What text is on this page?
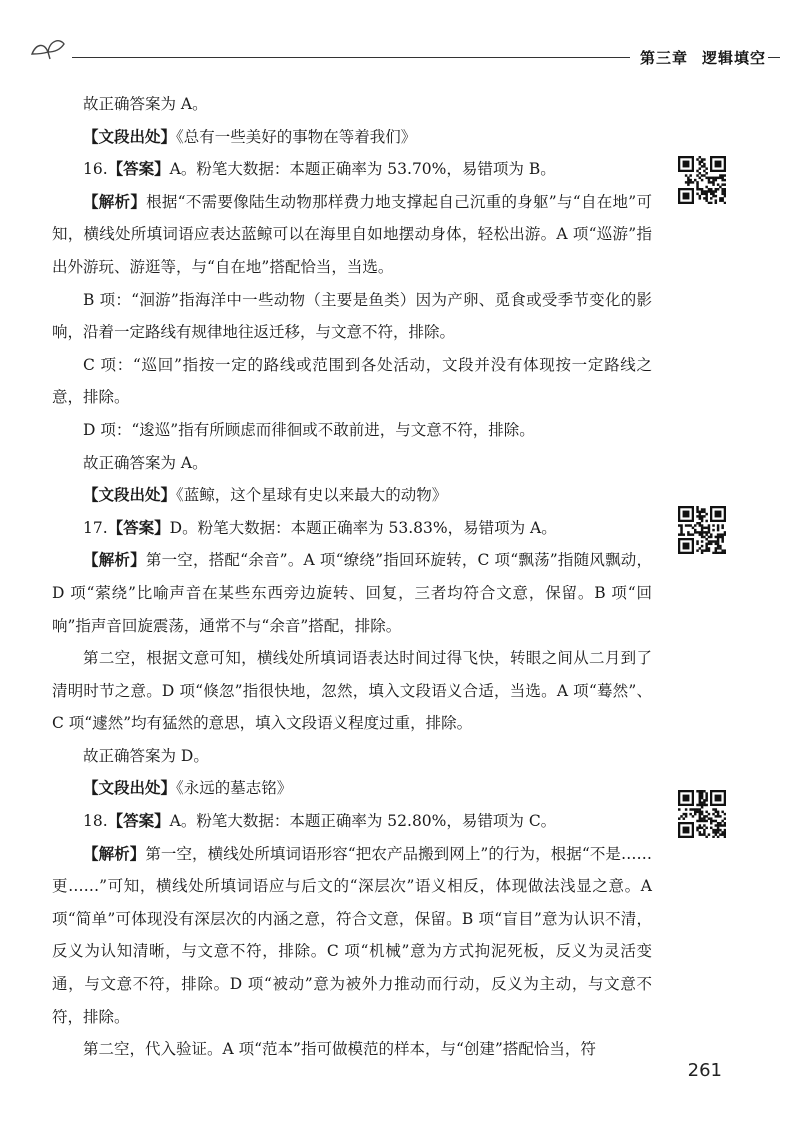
第三章 逻辑填空

故正确答案为 A。

【文段出处】《总有一些美好的事物在等着我们》

16.【答案】A。粉笔大数据：本题正确率为 53.70%，易错项为 B。

【解析】根据“不需要像陆生动物那样费力地支撑起自己沉重的身躯”与“自在地”可知，横线处所填词语应表达蓝鲸可以在海里自如地摆动身体，轻松出游。A 项“巡游”指出外游玩、游逛等，与“自在地”搭配恰当，当选。

B 项：“洄游”指海洋中一些动物（主要是鱼类）因为产卵、觅食或受季节变化的影响，沿着一定路线有规律地往返迁移，与文意不符，排除。

C 项：“巡回”指按一定的路线或范围到各处活动，文段并没有体现按一定路线之意，排除。

D 项：“逡巡”指有所顾虑而徘徊或不敢前进，与文意不符，排除。

故正确答案为 A。

【文段出处】《蓝鲸，这个星球有史以来最大的动物》

17.【答案】D。粉笔大数据：本题正确率为 53.83%，易错项为 A。

【解析】第一空，搭配“余音”。A 项“缭绕”指回环旋转，C 项“飘荡”指随风飘动，D 项“萦绕”比喻声音在某些东西旁边旋转、回复，三者均符合文意，保留。B 项“回响”指声音回旋震荡，通常不与“余音”搭配，排除。

第二空，根据文意可知，横线处所填词语表达时间过得飞快，转眼之间从二月到了清明时节之意。D 项“倏忽”指很快地，忽然，填入文段语义合适，当选。A 项“蓦然”、C 项“遽然”均有猛然的意思，填入文段语义程度过重，排除。

故正确答案为 D。

【文段出处】《永远的墓志铭》

18.【答案】A。粉笔大数据：本题正确率为 52.80%，易错项为 C。

【解析】第一空，横线处所填词语形容“把农产品搬到网上”的行为，根据“不是……更……”可知，横线处所填词语应与后文的“深层次”语义相反，体现做法浅显之意。A 项“简单”可体现没有深层次的内涵之意，符合文意，保留。B 项“盲目”意为认识不清，反义为认知清晰，与文意不符，排除。C 项“机械”意为方式拘泥死板，反义为灵活变通，与文意不符，排除。D 项“被动”意为被外力推动而行动，反义为主动，与文意不符，排除。

第二空，代入验证。A 项“范本”指可做模范的样本，与“创建”搭配恰当，符

261
